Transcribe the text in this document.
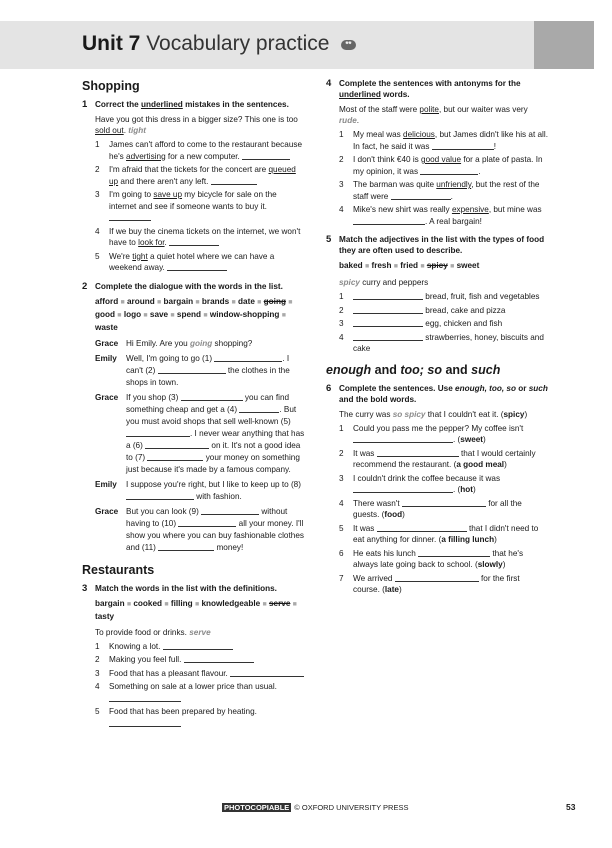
Unit 7 Vocabulary practice **
Shopping
1 Correct the underlined mistakes in the sentences.
Have you got this dress in a bigger size? This one is too sold out. tight
1	James can't afford to come to the restaurant because he's advertising for a new computer.
2	I'm afraid that the tickets for the concert are queued up and there aren't any left.
3	I'm going to save up my bicycle for sale on the internet and see if someone wants to buy it.
4	If we buy the cinema tickets on the internet, we won't have to look for.
5	We're tight a quiet hotel where we can have a weekend away.
2 Complete the dialogue with the words in the list.
afford ■ around ■ bargain ■ brands ■ date ■ going ■ good ■ logo ■ save ■ spend ■ window-shopping ■ waste
Grace Hi Emily. Are you going shopping?
Emily	Well, I'm going to go (1)	. I can't (2)	the clothes in the shops in town.
Grace If you shop (3)	you can find something cheap and get a (4)	. But you must avoid shops that sell well-known (5) . I never wear anything that has a (6)	on it. It's not a good idea to (7)	your money on something just because it's made by a famous company.
Emily	I suppose you're right, but I like to keep up to (8)  with fashion.
Grace But you can look (9)	without having to (10)	all your money. I'll show you where you can buy fashionable clothes and (11)	money!
Restaurants
3 Match the words in the list with the definitions.
bargain ■ cooked ■ filling ■ knowledgeable ■ serve ■ tasty
To provide food or drinks. serve
1	Knowing a lot.
2	Making you feel full.
3	Food that has a pleasant flavour.
4	Something on sale at a lower price than usual.

5	Food that has been prepared by heating.

4 Complete the sentences with antonyms for the underlined words.
Most of the staff were polite, but our waiter was very rude.
1	My meal was delicious, but James didn't like his at all. In fact, he said it was	!
2	I don't think €40 is good value for a plate of pasta. In my opinion, it was	.
3	The barman was quite unfriendly, but the rest of the staff were	.
4	Mike's new shirt was really expensive, but mine was . A real bargain!
5 Match the adjectives in the list with the types of food they are often used to describe.
baked ■ fresh ■ fried ■ spicy ■ sweet
spicy curry and peppers
1	bread, fruit, fish and vegetables
2	bread, cake and pizza
3	egg, chicken and fish
4	strawberries, honey, biscuits and cake
enough and too; so and such
6 Complete the sentences. Use enough, too, so or such and the bold words.
The curry was so spicy that I couldn't eat it. (spicy)
1	Could you pass me the pepper? My coffee isn't
. (sweet)
2	It was	that I would certainly recommend the restaurant. (a good meal)
3	I couldn't drink the coffee because it was
. (hot)
4	There wasn't	for all the guests. (food)
5	It was	that I didn't need to eat anything for dinner. (a filling lunch)
6	He eats his lunch	that he's always late going back to school. (slowly)
7	We arrived	for the first course. (late)
PHOTOCOPIABLE © OXFORD UNIVERSITY PRESS	53
